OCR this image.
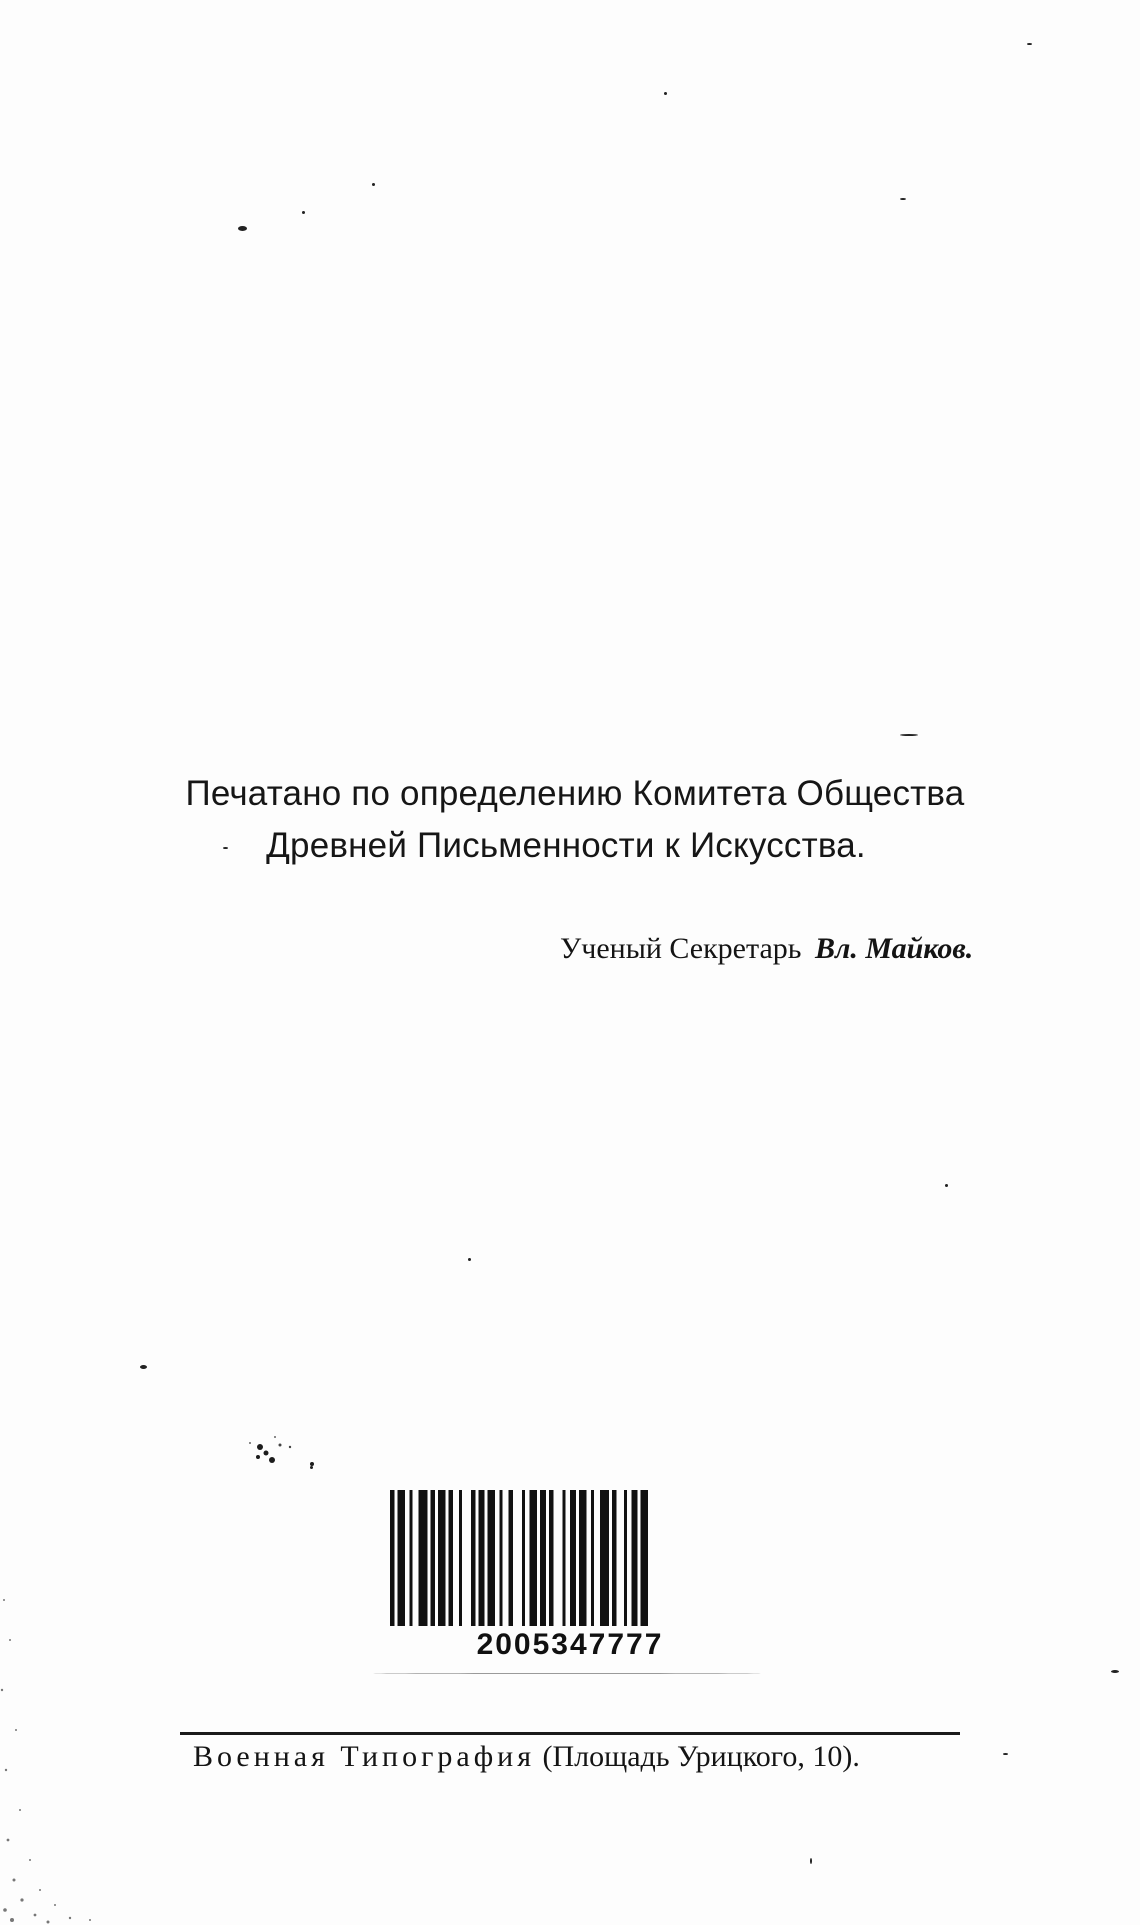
Печатано по определению Комитета Общества
Древней Письменности к Искусства.
Ученый Секретарь Вл. Майков.
2005347777
Военная Типография (Площадь Урицкого, 10).
